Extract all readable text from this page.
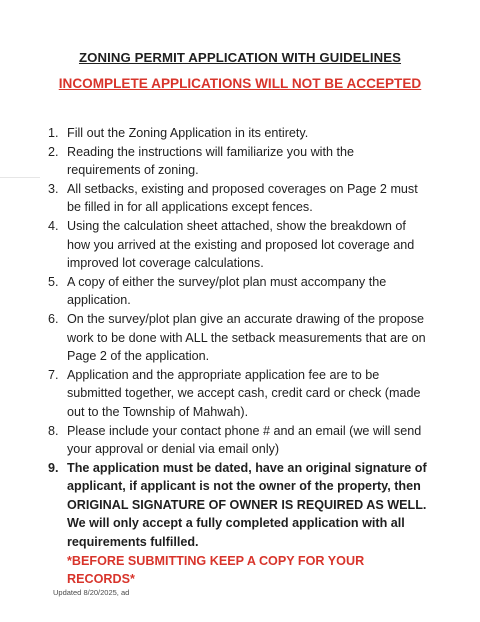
ZONING PERMIT APPLICATION WITH GUIDELINES
INCOMPLETE APPLICATIONS WILL NOT BE ACCEPTED
1. Fill out the Zoning Application in its entirety.
2. Reading the instructions will familiarize you with the requirements of zoning.
3. All setbacks, existing and proposed coverages on Page 2 must be filled in for all applications except fences.
4. Using the calculation sheet attached, show the breakdown of how you arrived at the existing and proposed lot coverage and improved lot coverage calculations.
5. A copy of either the survey/plot plan must accompany the application.
6. On the survey/plot plan give an accurate drawing of the propose work to be done with ALL the setback measurements that are on Page 2 of the application.
7. Application and the appropriate application fee are to be submitted together, we accept cash, credit card or check (made out to the Township of Mahwah).
8. Please include your contact phone # and an email (we will send your approval or denial via email only)
9. The application must be dated, have an original signature of applicant, if applicant is not the owner of the property, then ORIGINAL SIGNATURE OF OWNER IS REQUIRED AS WELL. We will only accept a fully completed application with all requirements fulfilled.
*BEFORE SUBMITTING KEEP A COPY FOR YOUR RECORDS*
Updated 8/20/2025, ad
